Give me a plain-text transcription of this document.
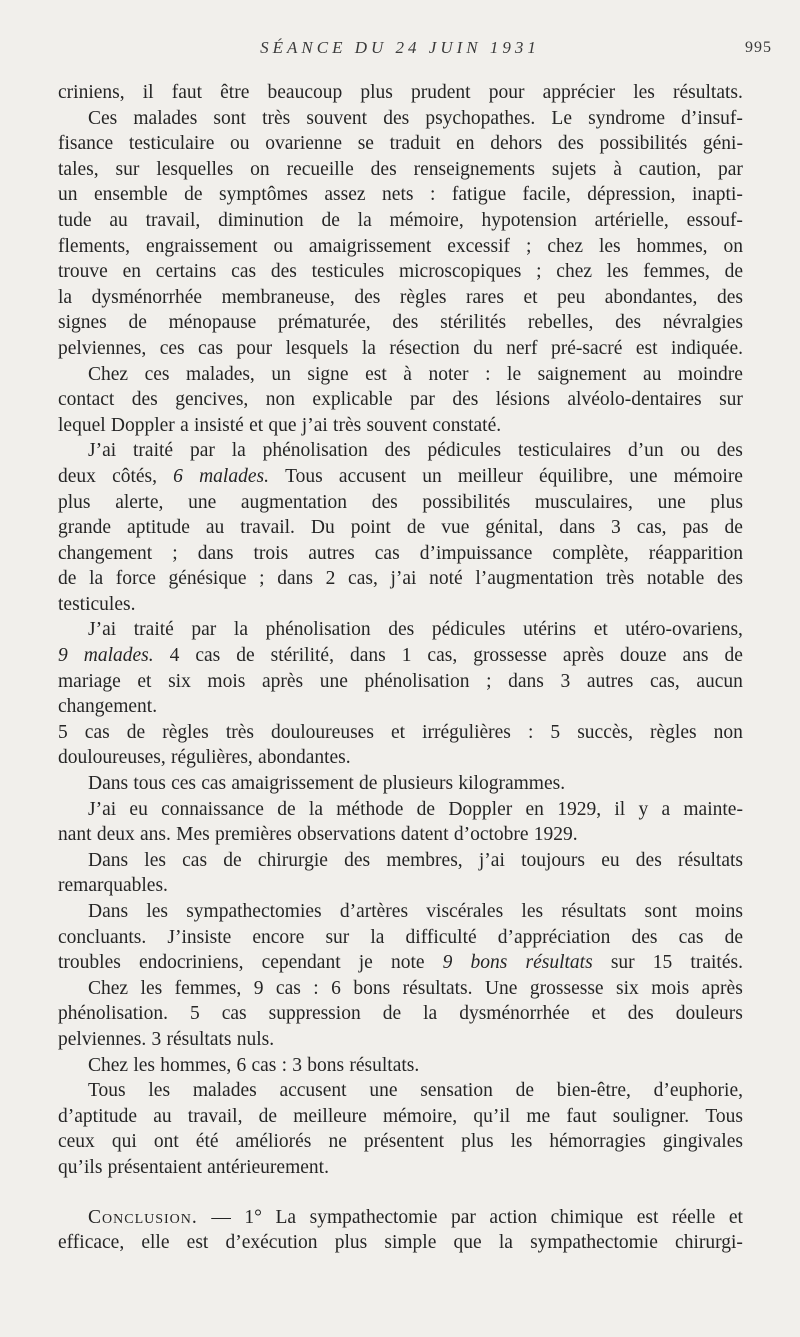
SÉANCE DU 24 JUIN 1931	995
criniens, il faut être beaucoup plus prudent pour apprécier les résultats.
Ces malades sont très souvent des psychopathes. Le syndrome d’insuf-
fisance testiculaire ou ovarienne se traduit en dehors des possibilités géni-
tales, sur lesquelles on recueille des renseignements sujets à caution, par
un ensemble de symptômes assez nets : fatigue facile, dépression, inapti-
tude au travail, diminution de la mémoire, hypotension artérielle, essouf-
flements, engraissement ou amaigrissement excessif ; chez les hommes, on
trouve en certains cas des testicules microscopiques ; chez les femmes, de
la dysménorrhée membraneuse, des règles rares et peu abondantes, des
signes de ménopause prématurée, des stérilités rebelles, des névralgies
pelviennes, ces cas pour lesquels la résection du nerf pré-sacré est indiquée.
Chez ces malades, un signe est à noter : le saignement au moindre
contact des gencives, non explicable par des lésions alvéolo-dentaires sur
lequel Doppler a insisté et que j’ai très souvent constaté.
J’ai traité par la phénolisation des pédicules testiculaires d’un ou des
deux côtés, 6 malades. Tous accusent un meilleur équilibre, une mémoire
plus alerte, une augmentation des possibilités musculaires, une plus
grande aptitude au travail. Du point de vue génital, dans 3 cas, pas de
changement ; dans trois autres cas d’impuissance complète, réapparition
de la force génésique ; dans 2 cas, j’ai noté l’augmentation très notable des
testicules.
J’ai traité par la phénolisation des pédicules utérins et utéro-ovariens,
9 malades. 4 cas de stérilité, dans 1 cas, grossesse après douze ans de
mariage et six mois après une phénolisation ; dans 3 autres cas, aucun
changement.
5 cas de règles très douloureuses et irrégulières : 5 succès, règles non
douloureuses, régulières, abondantes.
Dans tous ces cas amaigrissement de plusieurs kilogrammes.
J’ai eu connaissance de la méthode de Doppler en 1929, il y a mainte-
nant deux ans. Mes premières observations datent d’octobre 1929.
Dans les cas de chirurgie des membres, j’ai toujours eu des résultats
remarquables.
Dans les sympathectomies d’artères viscérales les résultats sont moins
concluants. J’insiste encore sur la difficulté d’appréciation des cas de
troubles endocriniens, cependant je note 9 bons résultats sur 15 traités.
Chez les femmes, 9 cas : 6 bons résultats. Une grossesse six mois après
phénolisation. 5 cas suppression de la dysménorrhée et des douleurs
pelviennes. 3 résultats nuls.
Chez les hommes, 6 cas : 3 bons résultats.
Tous les malades accusent une sensation de bien-être, d’euphorie,
d’aptitude au travail, de meilleure mémoire, qu’il me faut souligner. Tous
ceux qui ont été améliorés ne présentent plus les hémorragies gingivales
qu’ils présentaient antérieurement.
Conclusion. — 1° La sympathectomie par action chimique est réelle et
efficace, elle est d’exécution plus simple que la sympathectomie chirurgi-
